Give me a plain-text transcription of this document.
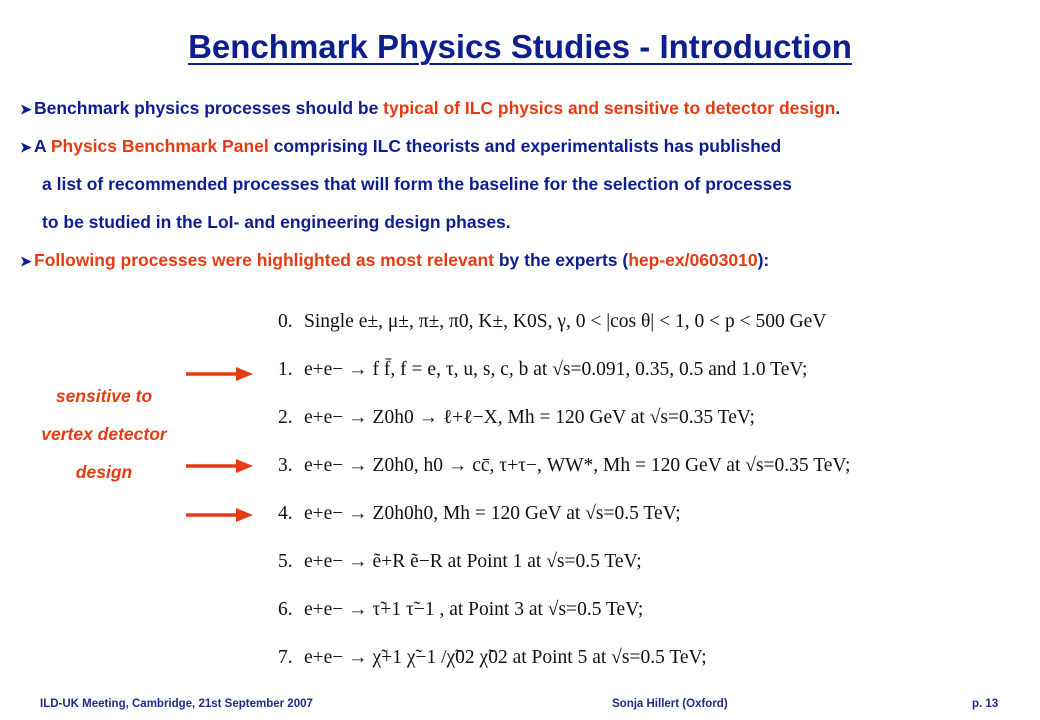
Benchmark Physics Studies - Introduction
➤ Benchmark physics processes should be typical of ILC physics and sensitive to detector design.
➤ A Physics Benchmark Panel comprising ILC theorists and experimentalists has published
a list of recommended processes that will form the baseline for the selection of processes
to be studied in the LoI- and engineering design phases.
➤ Following processes were highlighted as most relevant by the experts (hep-ex/0603010):
sensitive to
vertex detector
design
0. Single e±, μ±, π±, π0, K±, K0S, γ, 0 < |cos θ| < 1, 0 < p < 500 GeV
1. e+e− → f f̄, f = e, τ, u, s, c, b at √s=0.091, 0.35, 0.5 and 1.0 TeV;
2. e+e− → Z0h0 → ℓ+ℓ−X, Mh = 120 GeV at √s=0.35 TeV;
3. e+e− → Z0h0, h0 → cc̄, τ+τ−, WW*, Mh = 120 GeV at √s=0.35 TeV;
4. e+e− → Z0h0h0, Mh = 120 GeV at √s=0.5 TeV;
5. e+e− → ẽ+R ẽ−R at Point 1 at √s=0.5 TeV;
6. e+e− → τ̃+1 τ̃−1 , at Point 3 at √s=0.5 TeV;
7. e+e− → χ̃+1 χ̃−1 /χ̃02 χ̃02 at Point 5 at √s=0.5 TeV;
ILD-UK Meeting, Cambridge, 21st September 2007	Sonja Hillert (Oxford)	p. 13
